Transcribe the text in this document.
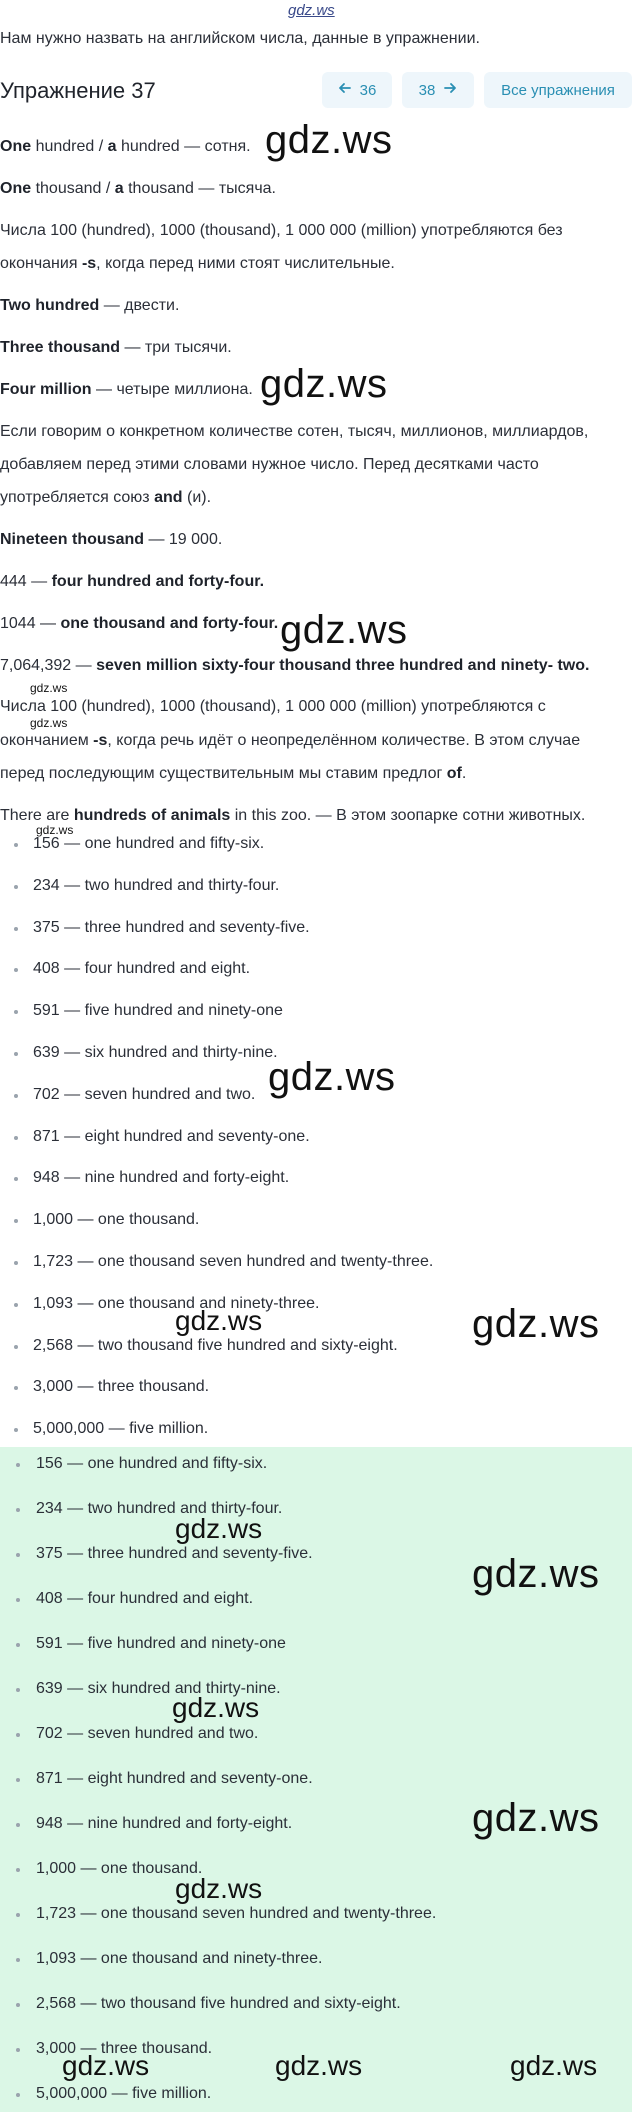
gdz.ws
Нам нужно назвать на английском числа, данные в упражнении.
Упражнение 37	36	38	Все упражнения
One hundred / a hundred — сотня.
One thousand / a thousand — тысяча.
Числа 100 (hundred), 1000 (thousand), 1 000 000 (million) употребляются без
окончания -s, когда перед ними стоят числительные.
Two hundred — двести.
Three thousand — три тысячи.
Four million — четыре миллиона.
Если говорим о конкретном количестве сотен, тысяч, миллионов, миллиардов,
добавляем перед этими словами нужное число. Перед десятками часто
употребляется союз and (и).
Nineteen thousand — 19 000.
444 — four hundred and forty-four.
1044 — one thousand and forty-four.
7,064,392 — seven million sixty-four thousand three hundred and ninety- two.
Числа 100 (hundred), 1000 (thousand), 1 000 000 (million) употребляются с
окончанием -s, когда речь идёт о неопределённом количестве. В этом случае
перед последующим существительным мы ставим предлог of.
There are hundreds of animals in this zoo. — В этом зоопарке сотни животных.
156 — one hundred and fifty-six.
234 — two hundred and thirty-four.
375 — three hundred and seventy-five.
408 — four hundred and eight.
591 — five hundred and ninety-one
639 — six hundred and thirty-nine.
702 — seven hundred and two.
871 — eight hundred and seventy-one.
948 — nine hundred and forty-eight.
1,000 — one thousand.
1,723 — one thousand seven hundred and twenty-three.
1,093 — one thousand and ninety-three.
2,568 — two thousand five hundred and sixty-eight.
3,000 — three thousand.
5,000,000 — five million.
156 — one hundred and fifty-six.
234 — two hundred and thirty-four.
375 — three hundred and seventy-five.
408 — four hundred and eight.
591 — five hundred and ninety-one
639 — six hundred and thirty-nine.
702 — seven hundred and two.
871 — eight hundred and seventy-one.
948 — nine hundred and forty-eight.
1,000 — one thousand.
1,723 — one thousand seven hundred and twenty-three.
1,093 — one thousand and ninety-three.
2,568 — two thousand five hundred and sixty-eight.
3,000 — three thousand.
5,000,000 — five million.
gdz.ws
gdz.ws
gdz.ws
gdz.ws
gdz.ws
gdz.ws
gdz.ws
gdz.ws	gdz.ws
gdz.ws
gdz.ws
gdz.ws
gdz.ws
gdz.ws
gdz.ws	gdz.ws	gdz.ws
